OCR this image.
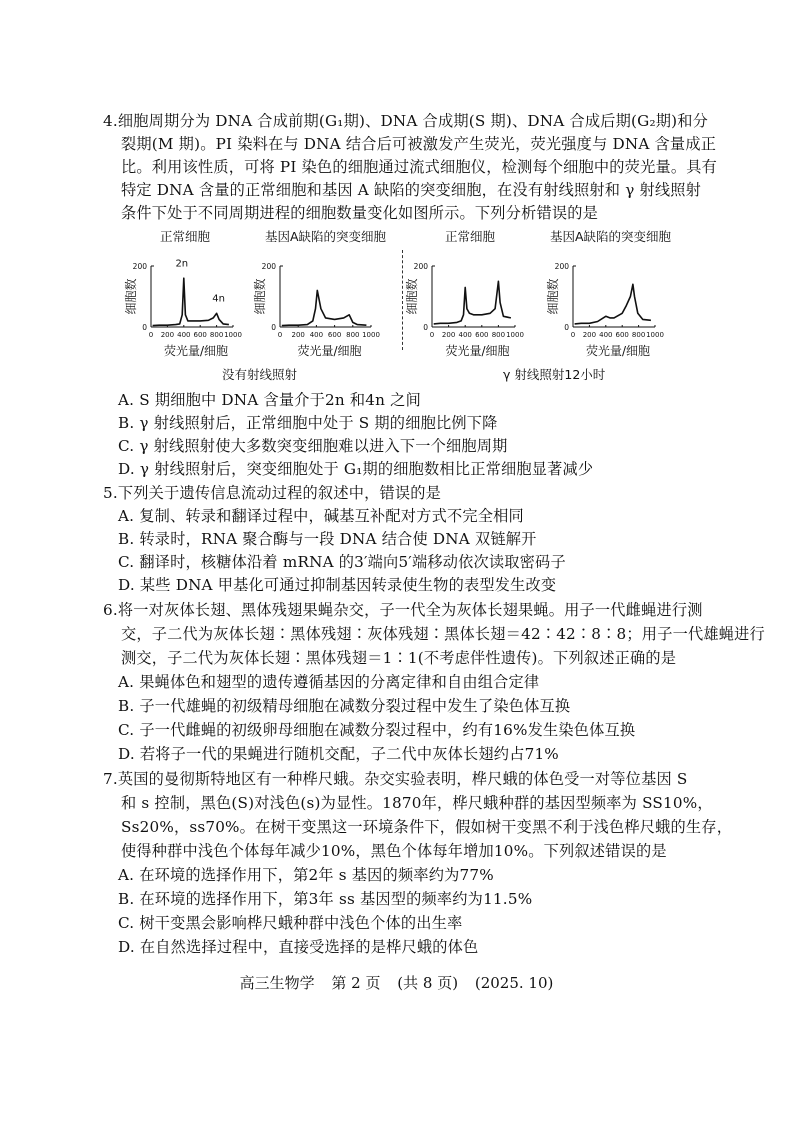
4.细胞周期分为 DNA 合成前期(G₁期)、DNA 合成期(S 期)、DNA 合成后期(G₂期)和分
裂期(M 期)。PI 染料在与 DNA 结合后可被激发产生荧光，荧光强度与 DNA 含量成正
比。利用该性质，可将 PI 染色的细胞通过流式细胞仪，检测每个细胞中的荧光量。具有
特定 DNA 含量的正常细胞和基因 A 缺陷的突变细胞，在没有射线照射和 γ 射线照射
条件下处于不同周期进程的细胞数量变化如图所示。下列分析错误的是
正常细胞
0
200
0 200 400 600 800 1000
细胞数
荧光量/细胞
2n
4n
基因A缺陷的突变细胞
0
200
0 200 400 600 800 1000
细胞数
荧光量/细胞
正常细胞
0
200
0 200 400 600 800 1000
细胞数
荧光量/细胞
基因A缺陷的突变细胞
0
200
0 200 400 600 800 1000
细胞数
荧光量/细胞
没有射线照射	γ 射线照射12小时
A. S 期细胞中 DNA 含量介于2n 和4n 之间
B. γ 射线照射后，正常细胞中处于 S 期的细胞比例下降
C. γ 射线照射使大多数突变细胞难以进入下一个细胞周期
D. γ 射线照射后，突变细胞处于 G₁期的细胞数相比正常细胞显著减少
5.下列关于遗传信息流动过程的叙述中，错误的是
A. 复制、转录和翻译过程中，碱基互补配对方式不完全相同
B. 转录时，RNA 聚合酶与一段 DNA 结合使 DNA 双链解开
C. 翻译时，核糖体沿着 mRNA 的3′端向5′端移动依次读取密码子
D. 某些 DNA 甲基化可通过抑制基因转录使生物的表型发生改变
6.将一对灰体长翅、黑体残翅果蝇杂交，子一代全为灰体长翅果蝇。用子一代雌蝇进行测
交，子二代为灰体长翅∶黑体残翅∶灰体残翅∶黑体长翅＝42∶42∶8∶8；用子一代雄蝇进行
测交，子二代为灰体长翅∶黑体残翅＝1∶1(不考虑伴性遗传)。下列叙述正确的是
A. 果蝇体色和翅型的遗传遵循基因的分离定律和自由组合定律
B. 子一代雄蝇的初级精母细胞在减数分裂过程中发生了染色体互换
C. 子一代雌蝇的初级卵母细胞在减数分裂过程中，约有16%发生染色体互换
D. 若将子一代的果蝇进行随机交配，子二代中灰体长翅约占71%
7.英国的曼彻斯特地区有一种桦尺蛾。杂交实验表明，桦尺蛾的体色受一对等位基因 S
和 s 控制，黑色(S)对浅色(s)为显性。1870年，桦尺蛾种群的基因型频率为 SS10%，
Ss20%，ss70%。在树干变黑这一环境条件下，假如树干变黑不利于浅色桦尺蛾的生存，
使得种群中浅色个体每年减少10%，黑色个体每年增加10%。下列叙述错误的是
A. 在环境的选择作用下，第2年 s 基因的频率约为77%
B. 在环境的选择作用下，第3年 ss 基因型的频率约为11.5%
C. 树干变黑会影响桦尺蛾种群中浅色个体的出生率
D. 在自然选择过程中，直接受选择的是桦尺蛾的体色
高三生物学 第 2 页 (共 8 页) (2025. 10)
